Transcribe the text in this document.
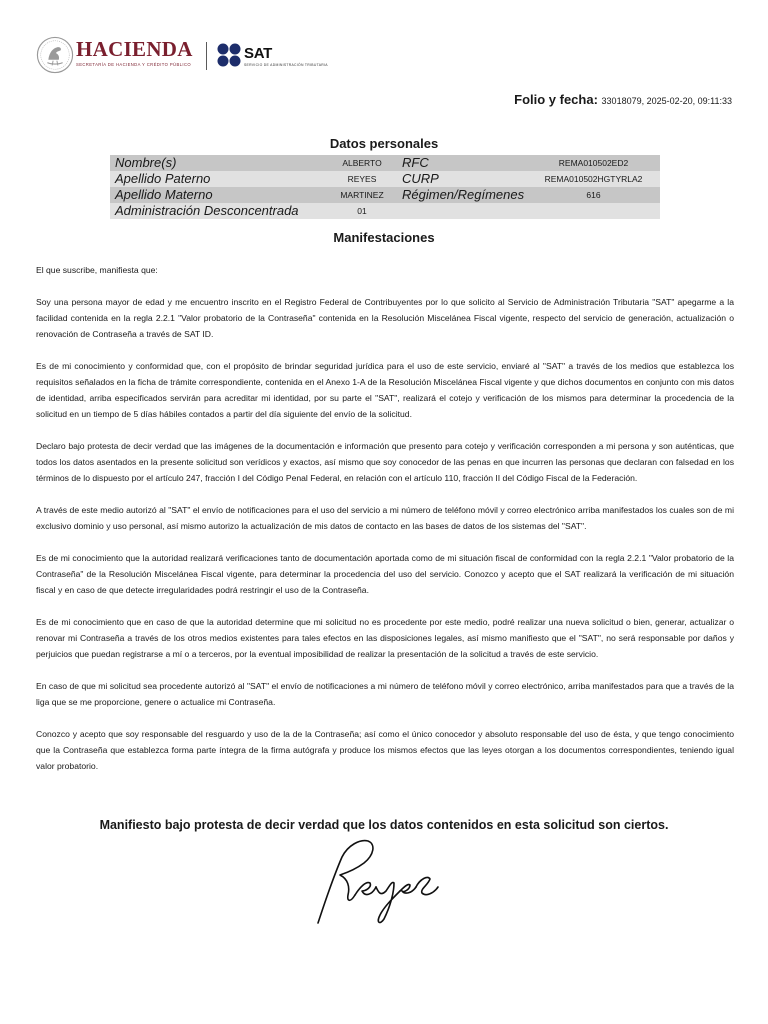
HACIENDA
SECRETARÍA DE HACIENDA Y CRÉDITO PÚBLICO
SAT
SERVICIO DE ADMINISTRACIÓN TRIBUTARIA
Folio y fecha: 33018079, 2025-02-20, 09:11:33
Datos personales
Nombre(s)	ALBERTO	RFC	REMA010502ED2
Apellido Paterno	REYES	CURP	REMA010502HGTYRLA2
Apellido Materno	MARTINEZ	Régimen/Regímenes	616
Administración Desconcentrada	01		
Manifestaciones

El que suscribe, manifiesta que:

Soy una persona mayor de edad y me encuentro inscrito en el Registro Federal de Contribuyentes por lo que solicito al Servicio de Administración Tributaria "SAT" apegarme a la facilidad contenida en la regla 2.2.1 "Valor probatorio de la Contraseña" contenida en la Resolución Miscelánea Fiscal vigente, respecto del servicio de generación, actualización o renovación de Contraseña a través de SAT ID.

Es de mi conocimiento y conformidad que, con el propósito de brindar seguridad jurídica para el uso de este servicio, enviaré al "SAT" a través de los medios que establezca los requisitos señalados en la ficha de trámite correspondiente, contenida en el Anexo 1-A de la Resolución Miscelánea Fiscal vigente y que dichos documentos en conjunto con mis datos de identidad, arriba especificados servirán para acreditar mi identidad, por su parte el "SAT", realizará el cotejo y verificación de los mismos para determinar la procedencia de la solicitud en un tiempo de 5 días hábiles contados a partir del día siguiente del envío de la solicitud.

Declaro bajo protesta de decir verdad que las imágenes de la documentación e información que presento para cotejo y verificación corresponden a mi persona y son auténticas, que todos los datos asentados en la presente solicitud son verídicos y exactos, así mismo que soy conocedor de las penas en que incurren las personas que declaran con falsedad en los términos de lo dispuesto por el artículo 247, fracción I del Código Penal Federal, en relación con el artículo 110, fracción II del Código Fiscal de la Federación.

A través de este medio autorizó al "SAT" el envío de notificaciones para el uso del servicio a mi número de teléfono móvil y correo electrónico arriba manifestados los cuales son de mi exclusivo dominio y uso personal, así mismo autorizo la actualización de mis datos de contacto en las bases de datos de los sistemas del "SAT".

Es de mi conocimiento que la autoridad realizará verificaciones tanto de documentación aportada como de mi situación fiscal de conformidad con la regla 2.2.1 "Valor probatorio de la Contraseña" de la Resolución Miscelánea Fiscal vigente, para determinar la procedencia del uso del servicio. Conozco y acepto que el SAT realizará la verificación de mi situación fiscal y en caso de que detecte irregularidades podrá restringir el uso de la Contraseña.

Es de mi conocimiento que en caso de que la autoridad determine que mi solicitud no es procedente por este medio, podré realizar una nueva solicitud o bien, generar, actualizar o renovar mi Contraseña a través de los otros medios existentes para tales efectos en las disposiciones legales, así mismo manifiesto que el "SAT", no será responsable por daños y perjuicios que puedan registrarse a mí o a terceros, por la eventual imposibilidad de realizar la presentación de la solicitud a través de este servicio.

En caso de que mi solicitud sea procedente autorizó al "SAT" el envío de notificaciones a mi número de teléfono móvil y correo electrónico, arriba manifestados para que a través de la liga que se me proporcione, genere o actualice mi Contraseña.

Conozco y acepto que soy responsable del resguardo y uso de la de la Contraseña; así como el único conocedor y absoluto responsable del uso de ésta, y que tengo conocimiento que la Contraseña que establezca forma parte íntegra de la firma autógrafa y produce los mismos efectos que las leyes otorgan a los documentos correspondientes, teniendo igual valor probatorio.

Manifiesto bajo protesta de decir verdad que los datos contenidos en esta solicitud son ciertos.
